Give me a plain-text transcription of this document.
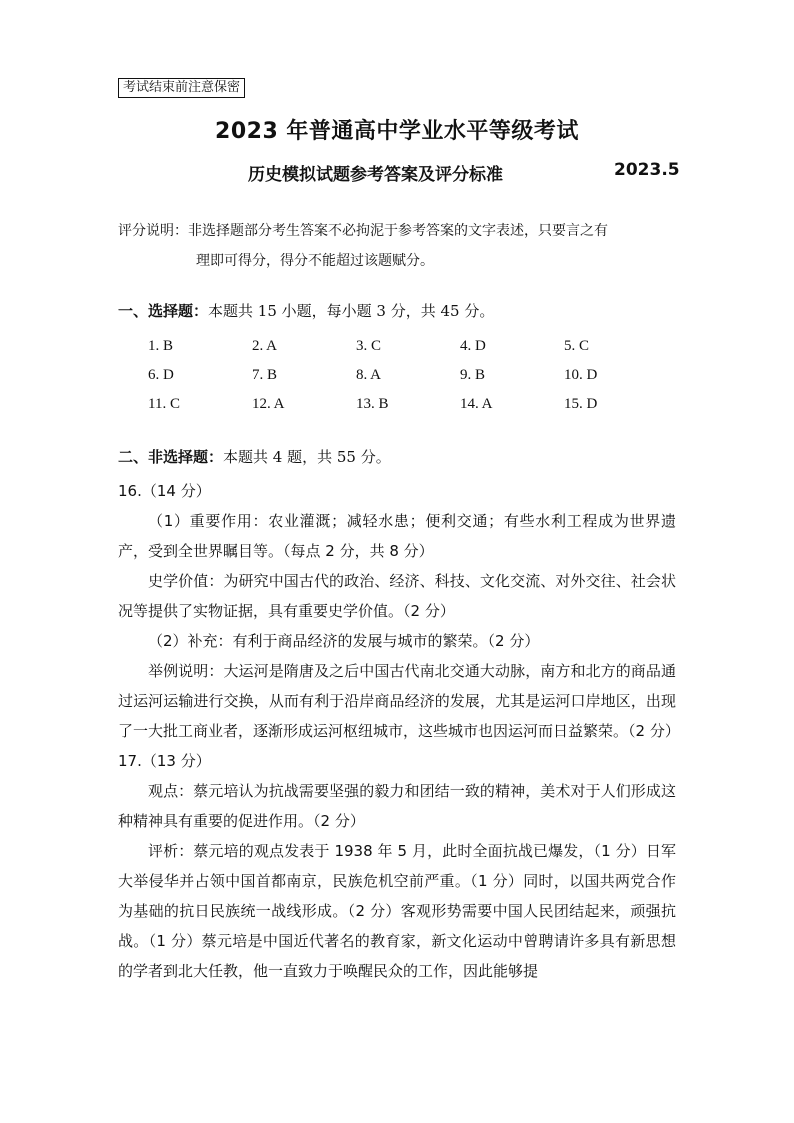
考试结束前注意保密
2023 年普通高中学业水平等级考试
历史模拟试题参考答案及评分标准	2023.5
评分说明：非选择题部分考生答案不必拘泥于参考答案的文字表述，只要言之有
理即可得分，得分不能超过该题赋分。
一、选择题：本题共 15 小题，每小题 3 分，共 45 分。
1. B	2. A	3. C	4. D	5. C
6. D	7. B	8. A	9. B	10. D
11. C	12. A	13. B	14. A	15. D
二、非选择题：本题共 4 题，共 55 分。

16.（14 分）

（1）重要作用：农业灌溉；减轻水患；便利交通；有些水利工程成为世界遗产，受到全世界瞩目等。（每点 2 分，共 8 分）

史学价值：为研究中国古代的政治、经济、科技、文化交流、对外交往、社会状况等提供了实物证据，具有重要史学价值。（2 分）

（2）补充：有利于商品经济的发展与城市的繁荣。（2 分）

举例说明：大运河是隋唐及之后中国古代南北交通大动脉，南方和北方的商品通过运河运输进行交换，从而有利于沿岸商品经济的发展，尤其是运河口岸地区，出现了一大批工商业者，逐渐形成运河枢纽城市，这些城市也因运河而日益繁荣。（2 分）

17.（13 分）

观点：蔡元培认为抗战需要坚强的毅力和团结一致的精神，美术对于人们形成这种精神具有重要的促进作用。（2 分）

评析：蔡元培的观点发表于 1938 年 5 月，此时全面抗战已爆发，（1 分）日军大举侵华并占领中国首都南京，民族危机空前严重。（1 分）同时，以国共两党合作为基础的抗日民族统一战线形成。（2 分）客观形势需要中国人民团结起来，顽强抗战。（1 分）蔡元培是中国近代著名的教育家，新文化运动中曾聘请许多具有新思想的学者到北大任教，他一直致力于唤醒民众的工作，因此能够提
